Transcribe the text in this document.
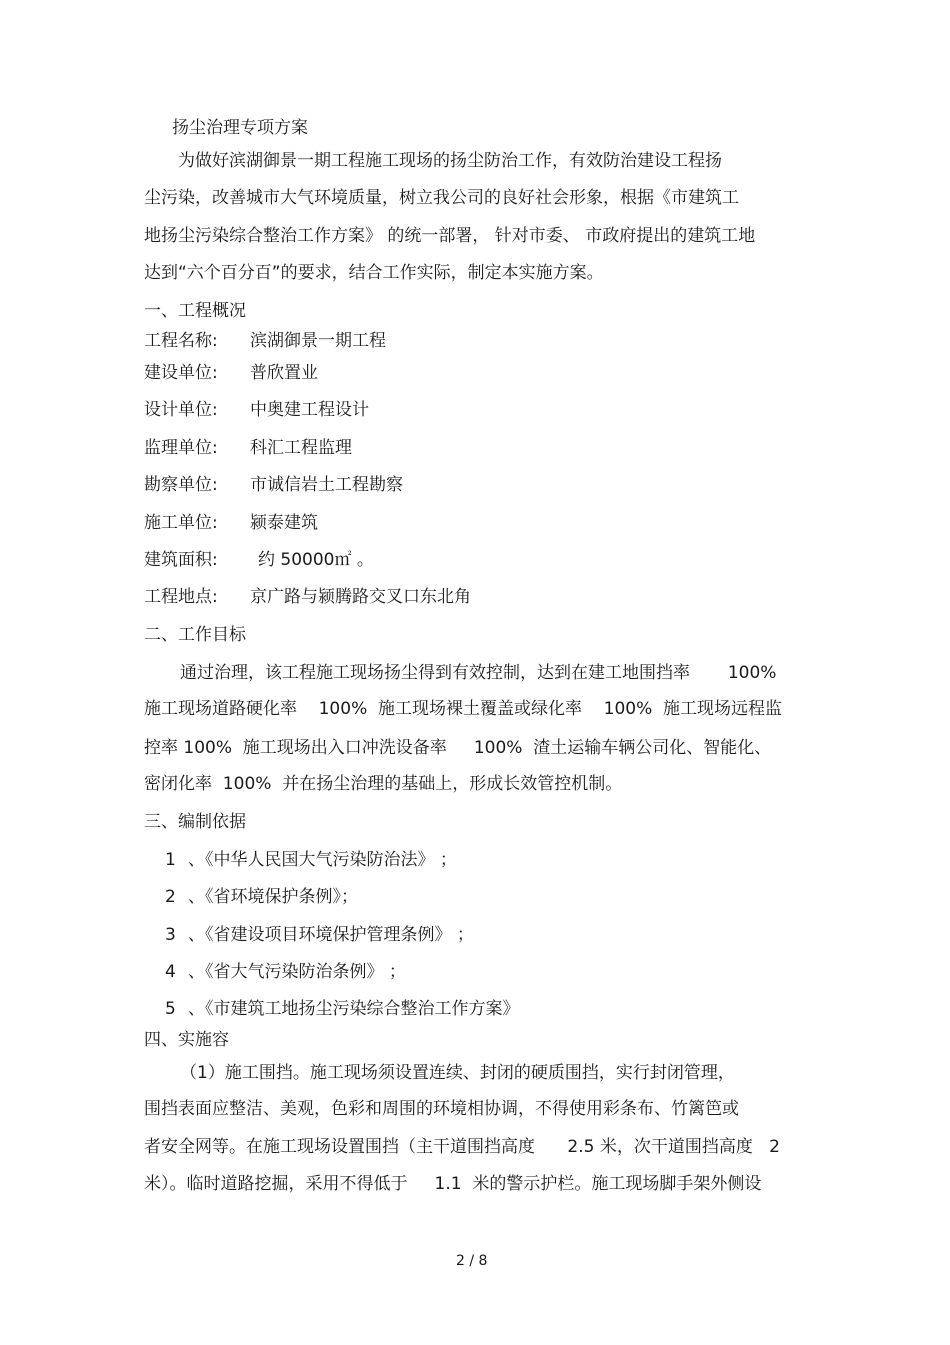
扬尘治理专项方案
为做好滨湖御景一期工程施工现场的扬尘防治工作，有效防治建设工程扬
尘污染，改善城市大气环境质量，树立我公司的良好社会形象，根据《市建筑工
地扬尘污染综合整治工作方案》 的统一部署， 针对市委、 市政府提出的建筑工地
达到“六个百分百”的要求，结合工作实际，制定本实施方案。
一、工程概况
工程名称: 滨湖御景一期工程
建设单位: 普欣置业
设计单位: 中奥建工程设计
监理单位: 科汇工程监理
勘察单位: 市诚信岩土工程勘察
施工单位: 颍泰建筑
建筑面积: 约 50000㎡ 。
工程地点: 京广路与颍腾路交叉口东北角
二、工作目标
通过治理，该工程施工现场扬尘得到有效控制，达到在建工地围挡率       100%
施工现场道路硬化率    100%  施工现场裸土覆盖或绿化率    100%  施工现场远程监
控率 100%  施工现场出入口冲洗设备率     100%  渣土运输车辆公司化、智能化、
密闭化率  100%  并在扬尘治理的基础上，形成长效管控机制。
三、编制依据
1 、《中华人民国大气污染防治法》 ；
2 、《省环境保护条例》；
3 、《省建设项目环境保护管理条例》 ；
4 、《省大气污染防治条例》 ；
5 、《市建筑工地扬尘污染综合整治工作方案》
四、实施容
（1）施工围挡。施工现场须设置连续、封闭的硬质围挡，实行封闭管理，
围挡表面应整洁、美观，色彩和周围的环境相协调，不得使用彩条布、竹篱笆或
者安全网等。在施工现场设置围挡（主干道围挡高度      2.5 米，次干道围挡高度   2
米）。临时道路挖掘，采用不得低于     1.1  米的警示护栏。施工现场脚手架外侧设
2 / 8
